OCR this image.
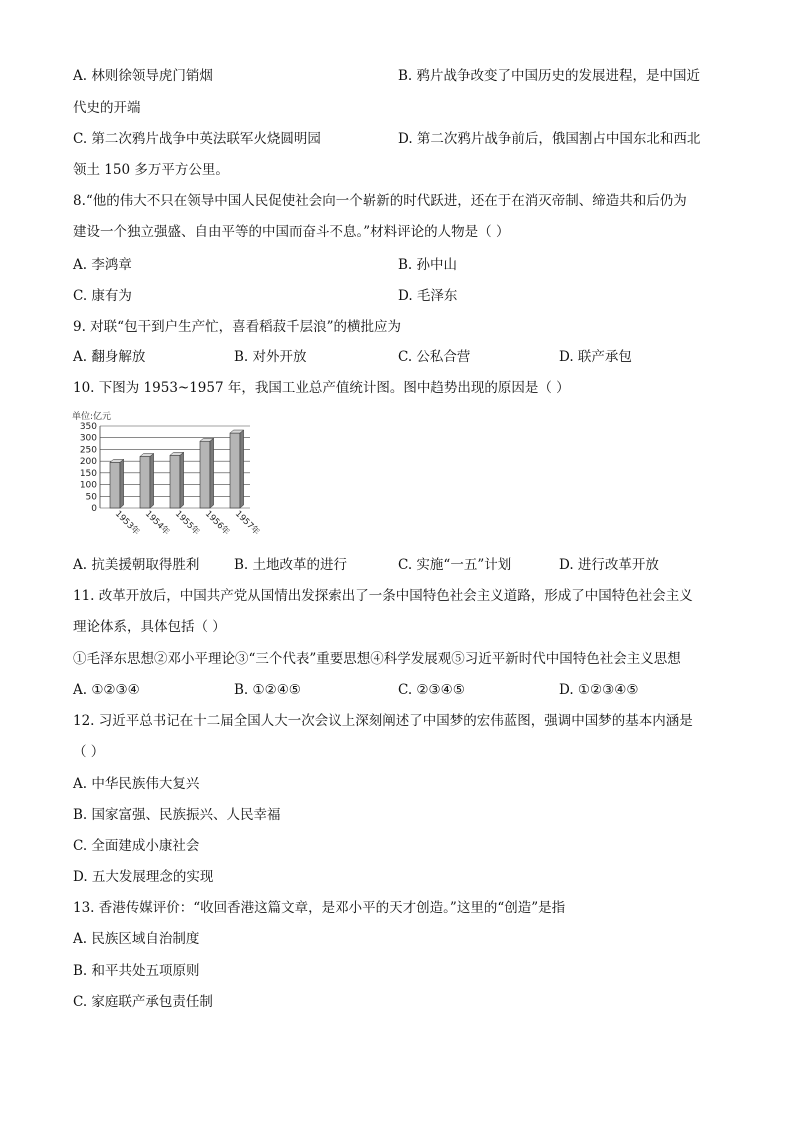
A. 林则徐领导虎门销烟	B. 鸦片战争改变了中国历史的发展进程，是中国近
代史的开端
C. 第二次鸦片战争中英法联军火烧圆明园	D. 第二次鸦片战争前后，俄国割占中国东北和西北
领土 150 多万平方公里。
8.“他的伟大不只在领导中国人民促使社会向一个崭新的时代跃进，还在于在消灭帝制、缔造共和后仍为
建设一个独立强盛、自由平等的中国而奋斗不息。”材料评论的人物是（ ）
A. 李鸿章	B. 孙中山
C. 康有为	D. 毛泽东
9. 对联“包干到户生产忙，喜看稻菽千层浪”的横批应为
A. 翻身解放	B. 对外开放	C. 公私合营	D. 联产承包
10. 下图为 1953~1957 年，我国工业总产值统计图。图中趋势出现的原因是（ ）
单位:亿元
0
50
100
150
200
250
300
350
1953年 1954年 1955年 1956年 1957年
A. 抗美援朝取得胜利	B. 土地改革的进行	C. 实施“一五”计划	D. 进行改革开放
11. 改革开放后，中国共产党从国情出发探索出了一条中国特色社会主义道路，形成了中国特色社会主义
理论体系，具体包括（ ）
①毛泽东思想②邓小平理论③“三个代表”重要思想④科学发展观⑤习近平新时代中国特色社会主义思想
A. ①②③④	B. ①②④⑤	C. ②③④⑤	D. ①②③④⑤
12. 习近平总书记在十二届全国人大一次会议上深刻阐述了中国梦的宏伟蓝图，强调中国梦的基本内涵是
（ ）
A. 中华民族伟大复兴
B. 国家富强、民族振兴、人民幸福
C. 全面建成小康社会
D. 五大发展理念的实现
13. 香港传媒评价：“收回香港这篇文章，是邓小平的天才创造。”这里的“创造”是指
A. 民族区域自治制度
B. 和平共处五项原则
C. 家庭联产承包责任制
